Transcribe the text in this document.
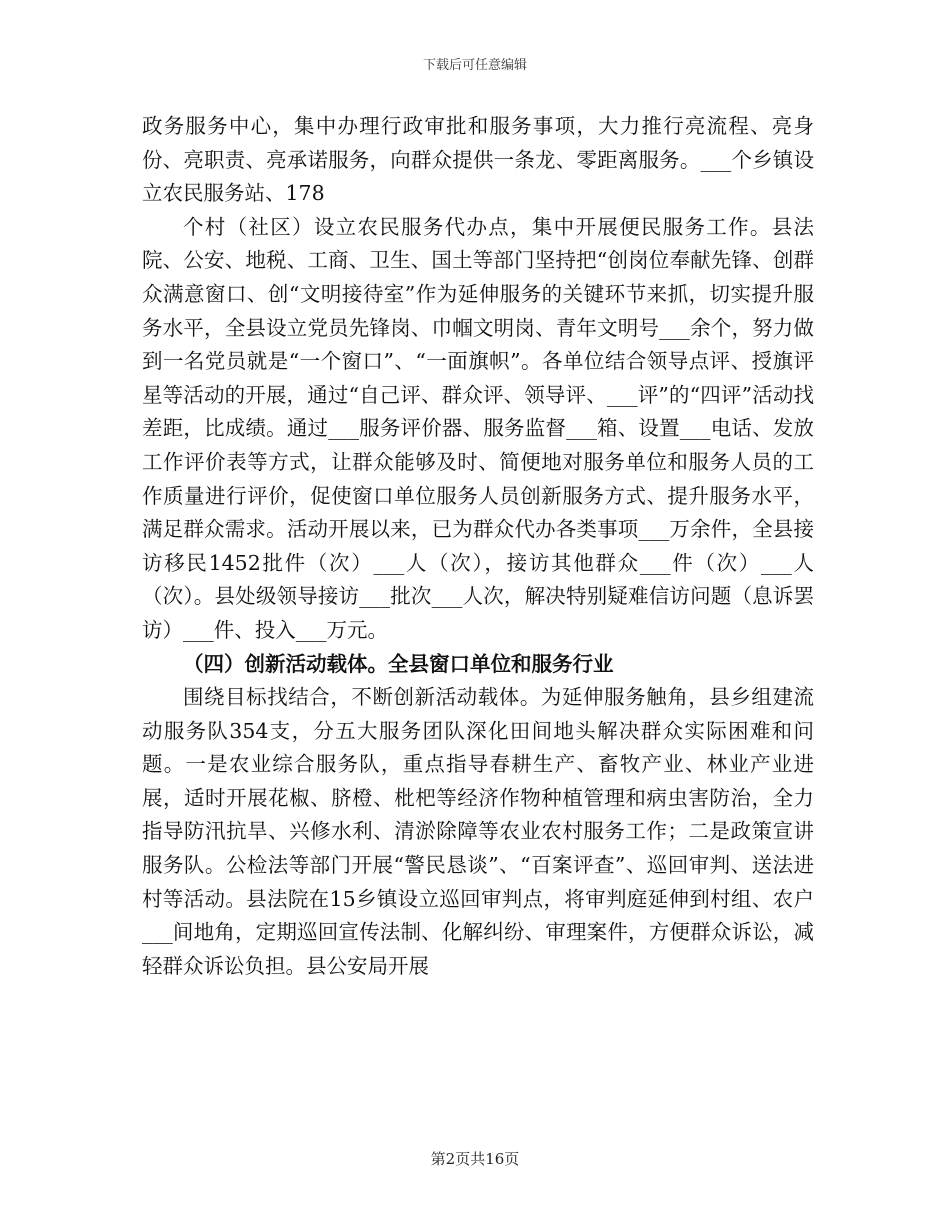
下载后可任意编辑

政务服务中心，集中办理行政审批和服务事项，大力推行亮流程、亮身份、亮职责、亮承诺服务，向群众提供一条龙、零距离服务。___个乡镇设立农民服务站、178

个村（社区）设立农民服务代办点，集中开展便民服务工作。县法院、公安、地税、工商、卫生、国土等部门坚持把“创岗位奉献先锋、创群众满意窗口、创“文明接待室”作为延伸服务的关键环节来抓，切实提升服务水平，全县设立党员先锋岗、巾帼文明岗、青年文明号___余个，努力做到一名党员就是“一个窗口”、“一面旗帜”。各单位结合领导点评、授旗评星等活动的开展，通过“自己评、群众评、领导评、___评”的“四评”活动找差距，比成绩。通过___服务评价器、服务监督___箱、设置___电话、发放工作评价表等方式，让群众能够及时、简便地对服务单位和服务人员的工作质量进行评价，促使窗口单位服务人员创新服务方式、提升服务水平，满足群众需求。活动开展以来，已为群众代办各类事项___万余件，全县接访移民1452批件（次）___人（次），接访其他群众___件（次）___人（次）。县处级领导接访___批次___人次，解决特别疑难信访问题（息诉罢访）___件、投入___万元。

（四）创新活动载体。全县窗口单位和服务行业

围绕目标找结合，不断创新活动载体。为延伸服务触角，县乡组建流动服务队354支，分五大服务团队深化田间地头解决群众实际困难和问题。一是农业综合服务队，重点指导春耕生产、畜牧产业、林业产业进展，适时开展花椒、脐橙、枇杷等经济作物种植管理和病虫害防治，全力指导防汛抗旱、兴修水利、清淤除障等农业农村服务工作；二是政策宣讲服务队。公检法等部门开展“警民恳谈”、“百案评查”、巡回审判、送法进村等活动。县法院在15乡镇设立巡回审判点，将审判庭延伸到村组、农户___间地角，定期巡回宣传法制、化解纠纷、审理案件，方便群众诉讼，减轻群众诉讼负担。县公安局开展

第2页共16页
